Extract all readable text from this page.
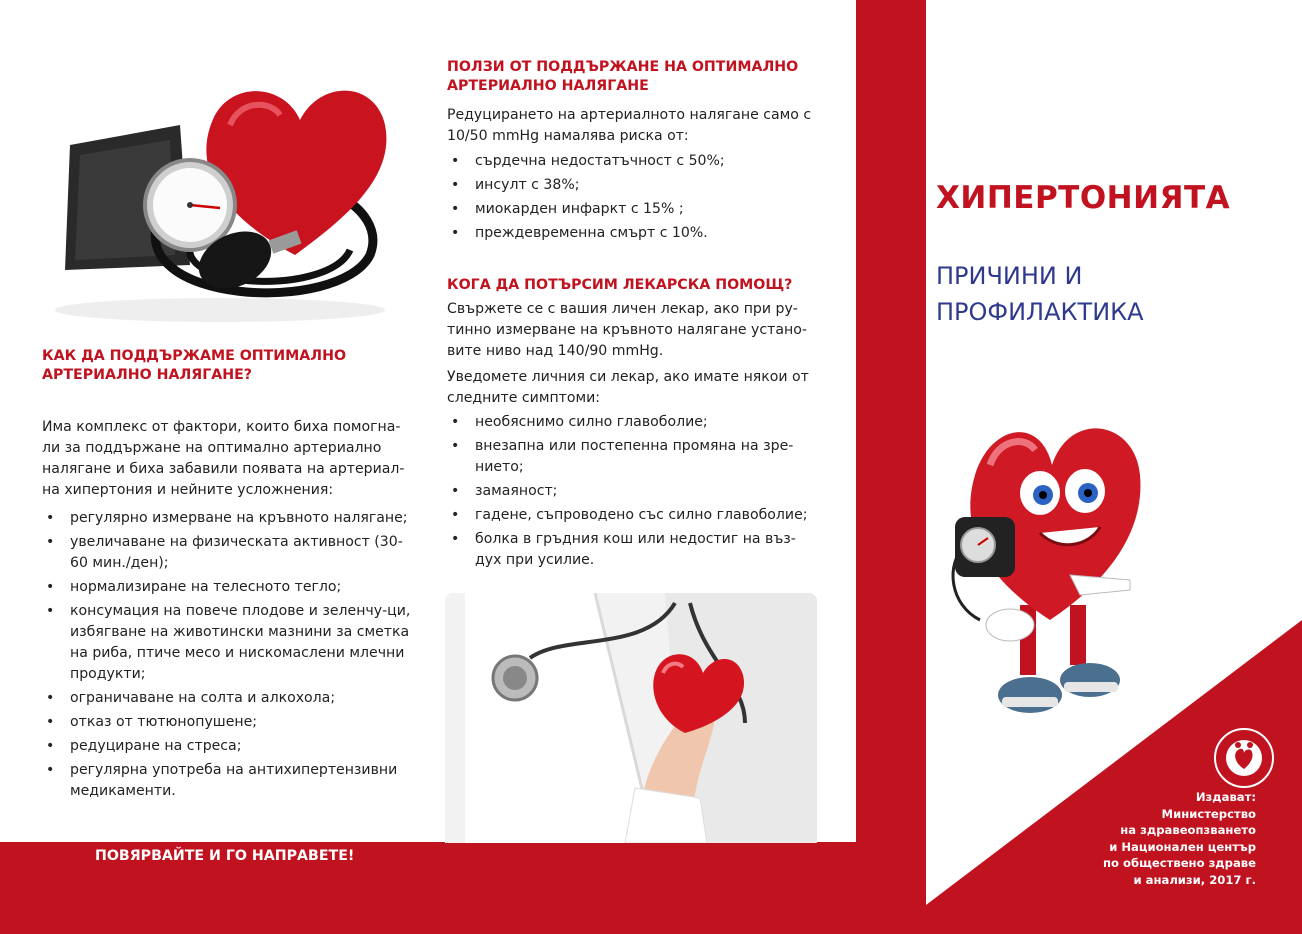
КАК ДА ПОДДЪРЖАМЕ ОПТИМАЛНО АРТЕРИАЛНО НАЛЯГАНЕ?
Има комплекс от фактори, които биха помогна-ли за поддържане на оптимално артериално налягане и биха забавили появата на артериал-на хипертония и нейните усложнения:
• регулярно измерване на кръвното налягане;
• увеличаване на физическата активност (30-60 мин./ден);
• нормализиране на телесното тегло;
• консумация на повече плодове и зеленчу-ци, избягване на животински мазнини за сметка на риба, птиче месо и нискомаслени млечни продукти;
• ограничаване на солта и алкохола;
• отказ от тютюнопушене;
• редуциране на стреса;
• регулярна употреба на антихипертензивни медикаменти.
ПОЛЗИ ОТ ПОДДЪРЖАНЕ НА ОПТИМАЛНО АРТЕРИАЛНО НАЛЯГАНЕ
Редуцирането на артериалното налягане само с 10/50 mmHg намалява риска от:
• сърдечна недостатъчност с 50%;
• инсулт с 38%;
• миокарден инфаркт с 15% ;
• преждевременна смърт с 10%.
КОГА ДА ПОТЪРСИМ ЛЕКАРСКА ПОМОЩ?
Свържете се с вашия личен лекар, ако при ру-тинно измерване на кръвното налягане устано-вите ниво над 140/90 mmHg.
Уведомете личния си лекар, ако имате някои от следните симптоми:
• необяснимо силно главоболие;
• внезапна или постепенна промяна на зре-нието;
• замаяност;
• гадене, съпроводено със силно главоболие;
• болка в гръдния кош или недостиг на въз-дух при усилие.
ПОВЯРВАЙТЕ И ГО НАПРАВЕТЕ!
ХИПЕРТОНИЯТА
ПРИЧИНИ И ПРОФИЛАКТИКА
Издават:
Министерство
на здравеопзването
и Национален център
по обществено здраве
и анализи, 2017 г.
